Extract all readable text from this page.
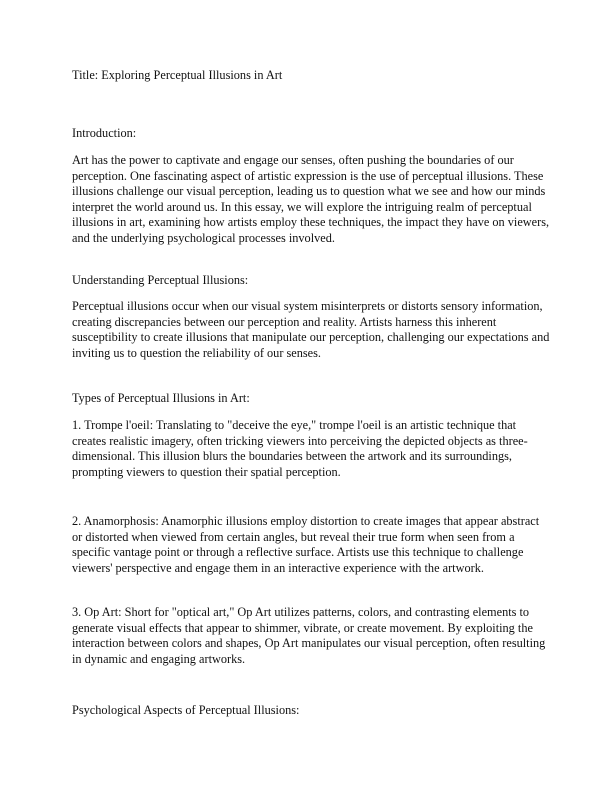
Title: Exploring Perceptual Illusions in Art

Introduction:

Art has the power to captivate and engage our senses, often pushing the boundaries of our
perception. One fascinating aspect of artistic expression is the use of perceptual illusions. These
illusions challenge our visual perception, leading us to question what we see and how our minds
interpret the world around us. In this essay, we will explore the intriguing realm of perceptual
illusions in art, examining how artists employ these techniques, the impact they have on viewers,
and the underlying psychological processes involved.

Understanding Perceptual Illusions:

Perceptual illusions occur when our visual system misinterprets or distorts sensory information,
creating discrepancies between our perception and reality. Artists harness this inherent
susceptibility to create illusions that manipulate our perception, challenging our expectations and
inviting us to question the reliability of our senses.

Types of Perceptual Illusions in Art:

1. Trompe l'oeil: Translating to "deceive the eye," trompe l'oeil is an artistic technique that
creates realistic imagery, often tricking viewers into perceiving the depicted objects as three-
dimensional. This illusion blurs the boundaries between the artwork and its surroundings,
prompting viewers to question their spatial perception.
2. Anamorphosis: Anamorphic illusions employ distortion to create images that appear abstract
or distorted when viewed from certain angles, but reveal their true form when seen from a
specific vantage point or through a reflective surface. Artists use this technique to challenge
viewers' perspective and engage them in an interactive experience with the artwork.
3. Op Art: Short for "optical art," Op Art utilizes patterns, colors, and contrasting elements to
generate visual effects that appear to shimmer, vibrate, or create movement. By exploiting the
interaction between colors and shapes, Op Art manipulates our visual perception, often resulting
in dynamic and engaging artworks.

Psychological Aspects of Perceptual Illusions:
